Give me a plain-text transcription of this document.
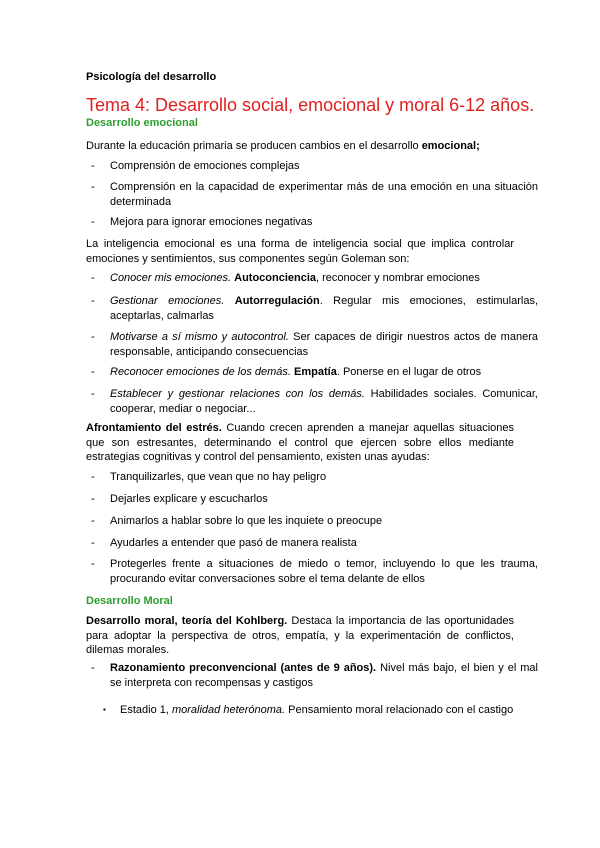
Psicología del desarrollo
Tema 4: Desarrollo social, emocional y moral 6-12 años.
Desarrollo emocional
Durante la educación primaria se producen cambios en el desarrollo emocional;
- Comprensión de emociones complejas
- Comprensión en la capacidad de experimentar más de una emoción en una situación determinada
- Mejora para ignorar emociones negativas
La inteligencia emocional es una forma de inteligencia social que implica controlar emociones y sentimientos, sus componentes según Goleman son:
- Conocer mis emociones. Autoconciencia, reconocer y nombrar emociones
- Gestionar emociones. Autorregulación. Regular mis emociones, estimularlas, aceptarlas, calmarlas
- Motivarse a sí mismo y autocontrol. Ser capaces de dirigir nuestros actos de manera responsable, anticipando consecuencias
- Reconocer emociones de los demás. Empatía. Ponerse en el lugar de otros
- Establecer y gestionar relaciones con los demás. Habilidades sociales. Comunicar, cooperar, mediar o negociar...
Afrontamiento del estrés. Cuando crecen aprenden a manejar aquellas situaciones que son estresantes, determinando el control que ejercen sobre ellos mediante estrategias cognitivas y control del pensamiento, existen unas ayudas:
- Tranquilizarles, que vean que no hay peligro
- Dejarles explicare y escucharlos
- Animarlos a hablar sobre lo que les inquiete o preocupe
- Ayudarles a entender que pasó de manera realista
- Protegerles frente a situaciones de miedo o temor, incluyendo lo que les trauma, procurando evitar conversaciones sobre el tema delante de ellos
Desarrollo Moral
Desarrollo moral, teoría del Kohlberg. Destaca la importancia de las oportunidades para adoptar la perspectiva de otros, empatía, y la experimentación de conflictos, dilemas morales.
- Razonamiento preconvencional (antes de 9 años). Nivel más bajo, el bien y el mal se interpreta con recompensas y castigos
▪ Estadio 1, moralidad heterónoma. Pensamiento moral relacionado con el castigo
